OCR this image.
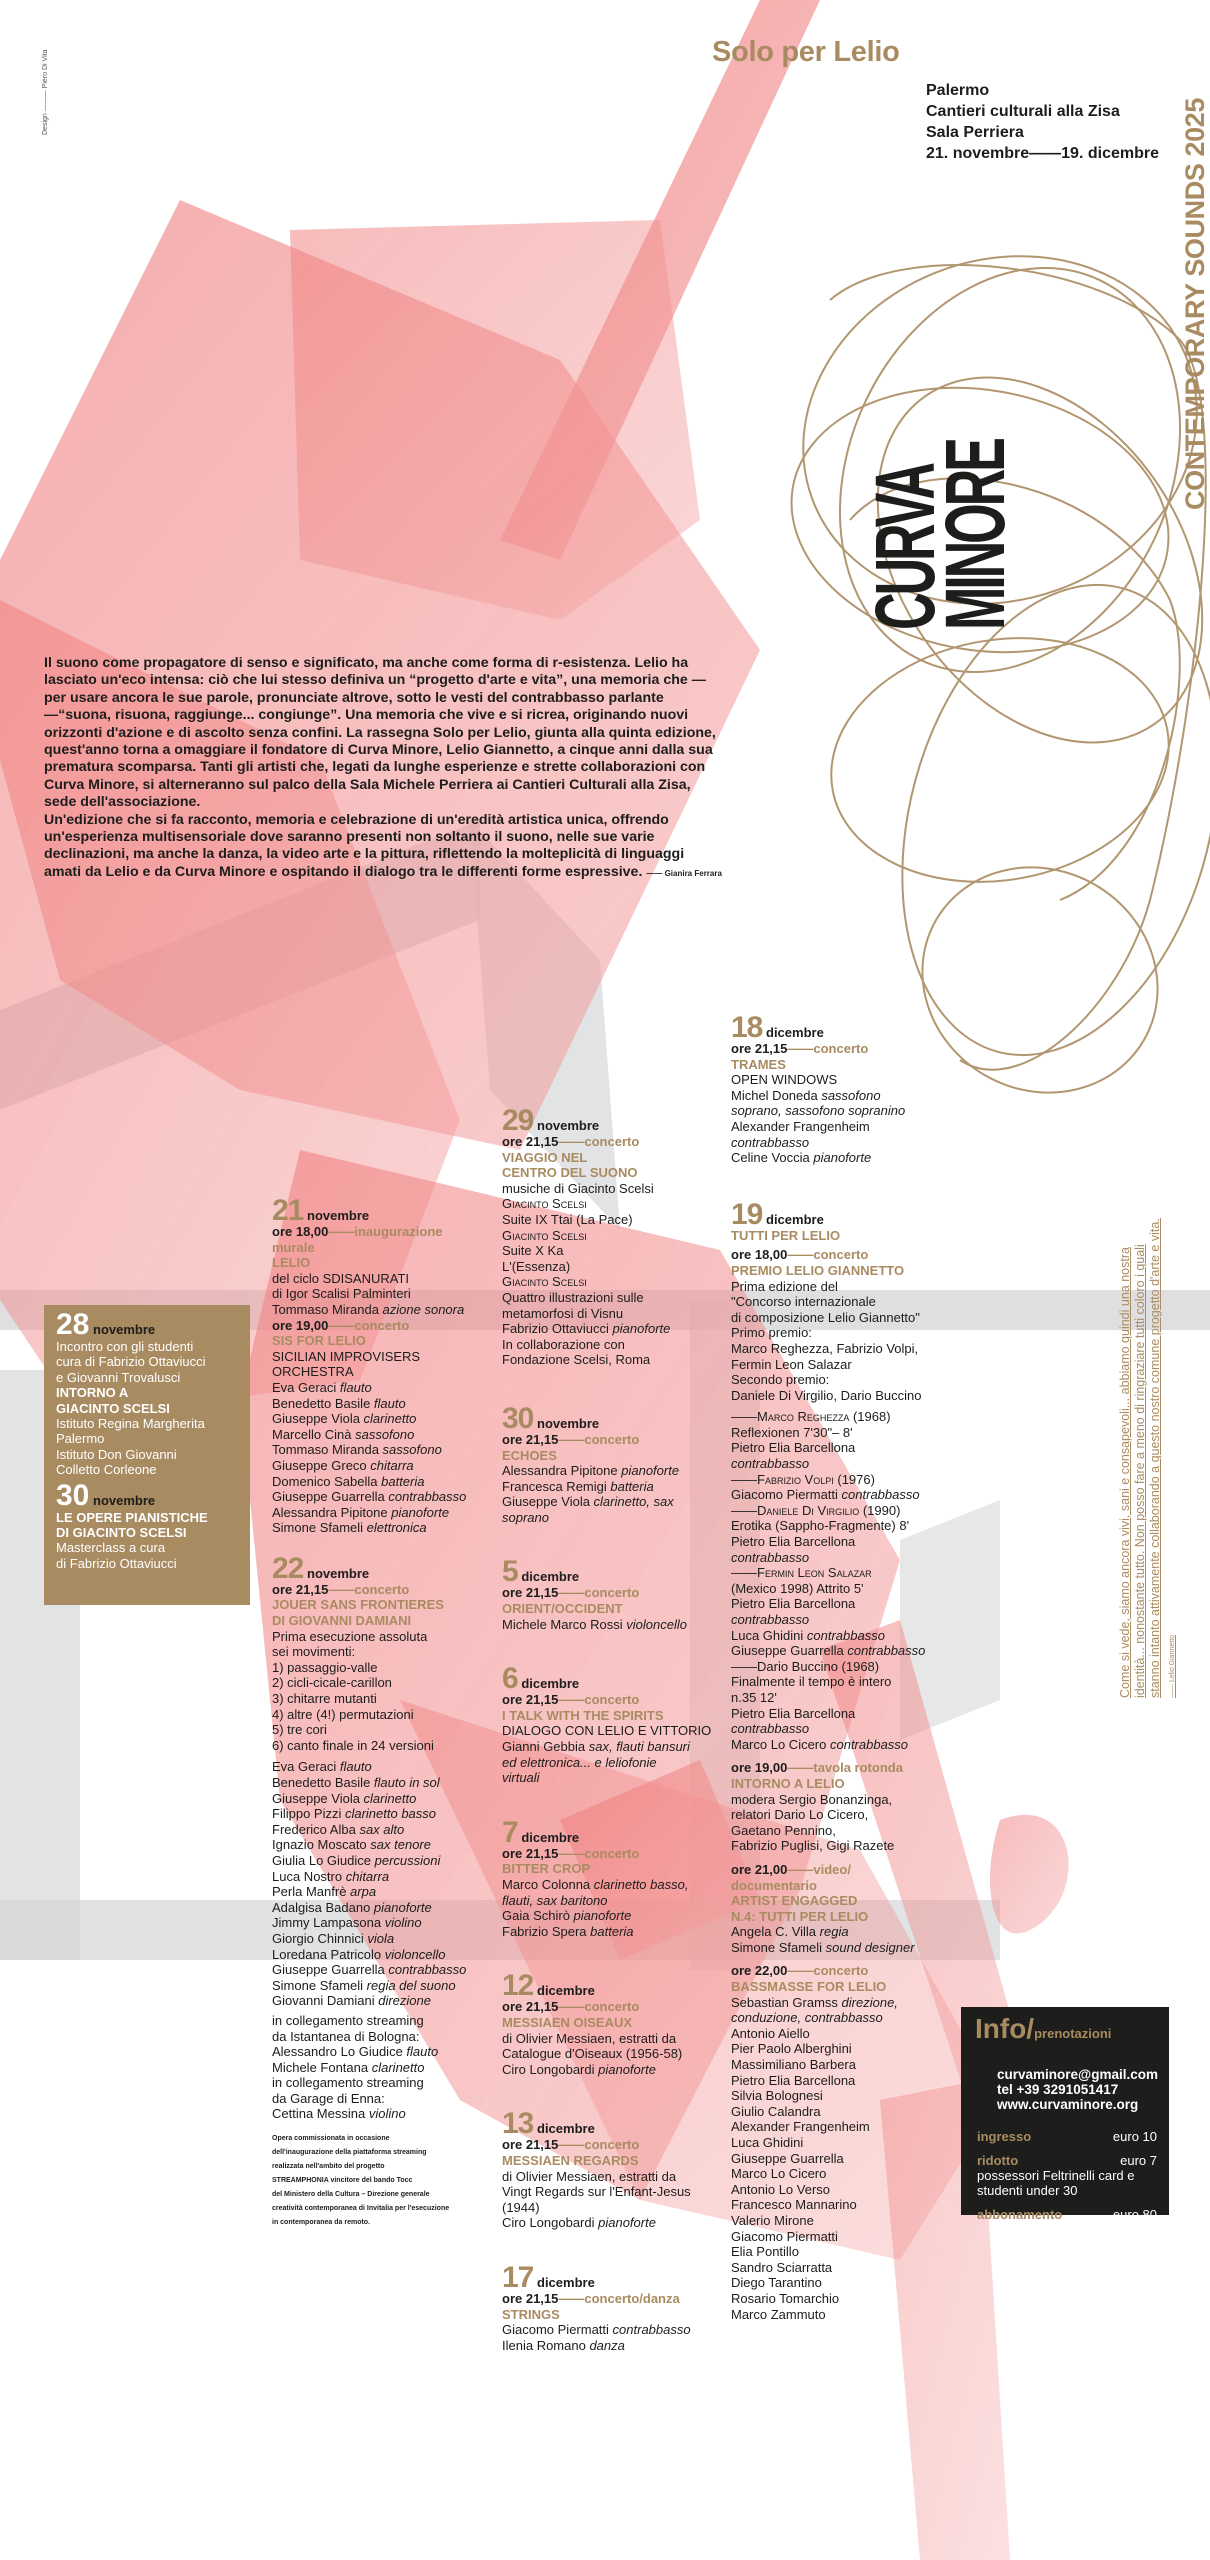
Design ——— Piero Di Vita	Solo per Lelio
Palermo
Cantieri culturali alla Zisa
Sala Perriera
21. novembre——19. dicembre
CURVA
MINORE
CONTEMPORARY SOUNDS 2025

Il suono come propagatore di senso e significato, ma anche come forma di r-esistenza. Lelio ha lasciato un'eco intensa: ciò che lui stesso definiva un “progetto d'arte e vita”, una memoria che — per usare ancora le sue parole, pronunciate altrove, sotto le vesti del contrabbasso parlante —“suona, risuona, raggiunge... congiunge”. Una memoria che vive e si ricrea, originando nuovi orizzonti d'azione e di ascolto senza confini. La rassegna Solo per Lelio, giunta alla quinta edizione, quest'anno torna a omaggiare il fondatore di Curva Minore, Lelio Giannetto, a cinque anni dalla sua prematura scomparsa. Tanti gli artisti che, legati da lunghe esperienze e strette collaborazioni con Curva Minore, si alterneranno sul palco della Sala Michele Perriera ai Cantieri Culturali alla Zisa, sede dell'associazione.

Un'edizione che si fa racconto, memoria e celebrazione di un'eredità artistica unica, offrendo un'esperienza multisensoriale dove saranno presenti non soltanto il suono, nelle sue varie declinazioni, ma anche la danza, la video arte e la pittura, riflettendo la molteplicità di linguaggi amati da Lelio e da Curva Minore e ospitando il dialogo tra le differenti forme espressive. —— Gianira Ferrara

28 novembre
Incontro con gli studenti
cura di Fabrizio Ottaviucci
e Giovanni Trovalusci
INTORNO A
GIACINTO SCELSI
Istituto Regina Margherita
Palermo
Istituto Don Giovanni
Colletto Corleone
30 novembre
LE OPERE PIANISTICHE
DI GIACINTO SCELSI
Masterclass a cura
di Fabrizio Ottaviucci
21 novembre

ore 18,00——inaugurazione

murale

LELIO

del ciclo SDISANURATI

di Igor Scalisi Palminteri

Tommaso Miranda azione sonora

ore 19,00——concerto

SIS FOR LELIO

SICILIAN IMPROVISERS

ORCHESTRA

Eva Geraci flauto

Benedetto Basile flauto

Giuseppe Viola clarinetto

Marcello Cinà sassofono

Tommaso Miranda sassofono

Giuseppe Greco chitarra

Domenico Sabella batteria

Giuseppe Guarrella contrabbasso

Alessandra Pipitone pianoforte

Simone Sfameli elettronica

22 novembre

ore 21,15——concerto

JOUER SANS FRONTIERES

DI GIOVANNI DAMIANI

Prima esecuzione assoluta

sei movimenti:

1) passaggio-valle

2) cicli-cicale-carillon

3) chitarre mutanti

4) altre (4!) permutazioni

5) tre cori

6) canto finale in 24 versioni

Eva Geraci flauto

Benedetto Basile flauto in sol

Giuseppe Viola clarinetto

Filippo Pizzi clarinetto basso

Frederico Alba sax alto

Ignazio Moscato sax tenore

Giulia Lo Giudice percussioni

Luca Nostro chitarra

Perla Manfrè arpa

Adalgisa Badano pianoforte

Jimmy Lampasona violino

Giorgio Chinnici viola

Loredana Patricolo violoncello

Giuseppe Guarrella contrabbasso

Simone Sfameli regia del suono

Giovanni Damiani direzione

in collegamento streaming

da Istantanea di Bologna:

Alessandro Lo Giudice flauto

Michele Fontana clarinetto

in collegamento streaming

da Garage di Enna:

Cettina Messina violino

Opera commissionata in occasione
dell'inaugurazione della piattaforma streaming
realizzata nell'ambito del progetto
STREAMPHONIA vincitore del bando Tocc
del Ministero della Cultura – Direzione generale
creatività contemporanea di Invitalia per l'esecuzione
in contemporanea da remoto.
29 novembre

ore 21,15——concerto

VIAGGIO NEL

CENTRO DEL SUONO

musiche di Giacinto Scelsi

Giacinto Scelsi

Suite IX Ttai (La Pace)

Giacinto Scelsi

Suite X Ka

L'(Essenza)

Giacinto Scelsi

Quattro illustrazioni sulle

metamorfosi di Visnu

Fabrizio Ottaviucci pianoforte

In collaborazione con

Fondazione Scelsi, Roma

30 novembre

ore 21,15——concerto

ECHOES

Alessandra Pipitone pianoforte

Francesca Remigi batteria

Giuseppe Viola clarinetto, sax

soprano

5 dicembre

ore 21,15——concerto

ORIENT/OCCIDENT

Michele Marco Rossi violoncello

6 dicembre

ore 21,15——concerto

I TALK WITH THE SPIRITS

DIALOGO CON LELIO E VITTORIO

Gianni Gebbia sax, flauti bansuri

ed elettronica... e leliofonie

virtuali

7 dicembre

ore 21,15——concerto

BITTER CROP

Marco Colonna clarinetto basso,

flauti, sax baritono

Gaia Schirò pianoforte

Fabrizio Spera batteria

12 dicembre

ore 21,15——concerto

MESSIAEN OISEAUX

di Olivier Messiaen, estratti da

Catalogue d'Oiseaux (1956-58)

Ciro Longobardi pianoforte

13 dicembre

ore 21,15——concerto

MESSIAEN REGARDS

di Olivier Messiaen, estratti da

Vingt Regards sur l'Enfant-Jesus

(1944)

Ciro Longobardi pianoforte

17 dicembre

ore 21,15——concerto/danza

STRINGS

Giacomo Piermatti contrabbasso

Ilenia Romano danza

18 dicembre

ore 21,15——concerto

TRAMES

OPEN WINDOWS

Michel Doneda sassofono

soprano, sassofono sopranino

Alexander Frangenheim

contrabbasso

Celine Voccia pianoforte

19 dicembre

TUTTI PER LELIO

ore 18,00——concerto

PREMIO LELIO GIANNETTO

Prima edizione del

"Concorso internazionale

di composizione Lelio Giannetto"

Primo premio:

Marco Reghezza, Fabrizio Volpi,

Fermin Leon Salazar

Secondo premio:

Daniele Di Virgilio, Dario Buccino

——Marco Reghezza (1968)

Reflexionen 7'30"– 8'

Pietro Elia Barcellona

contrabbasso

——Fabrizio Volpi (1976)

Giacomo Piermatti contrabbasso

——Daniele Di Virgilio (1990)

Erotika (Sappho-Fragmente) 8'

Pietro Elia Barcellona

contrabbasso

——Fermin Leon Salazar

(Mexico 1998) Attrito 5'

Pietro Elia Barcellona

contrabbasso

Luca Ghidini contrabbasso

Giuseppe Guarrella contrabbasso

——Dario Buccino (1968)

Finalmente il tempo è intero

n.35 12'

Pietro Elia Barcellona

contrabbasso

Marco Lo Cicero contrabbasso

ore 19,00——tavola rotonda

INTORNO A LELIO

modera Sergio Bonanzinga,

relatori Dario Lo Cicero,

Gaetano Pennino,

Fabrizio Puglisi, Gigi Razete

ore 21,00——video/

documentario

ARTIST ENGAGGED

N.4: TUTTI PER LELIO

Angela C. Villa regia

Simone Sfameli sound designer

ore 22,00——concerto

BASSMASSE FOR LELIO

Sebastian Gramss direzione,

conduzione, contrabbasso

Antonio Aiello

Pier Paolo Alberghini

Massimiliano Barbera

Pietro Elia Barcellona

Silvia Bolognesi

Giulio Calandra

Alexander Frangenheim

Luca Ghidini

Giuseppe Guarrella

Marco Lo Cicero

Antonio Lo Verso

Francesco Mannarino

Valerio Mirone

Giacomo Piermatti

Elia Pontillo

Sandro Sciarratta

Diego Tarantino

Rosario Tomarchio

Marco Zammuto

Come si vede, siamo ancora vivi, sani e consapevoli... abbiamo quindi una nostra identità... nonostante tutto. Non posso fare a meno di ringraziare tutti coloro i quali stanno intanto attivamente collaborando a questo nostro comune progetto d'arte e vita. —— Lelio Giannetto
Info/prenotazioni
curvaminore@gmail.com
tel +39 3291051417
www.curvaminore.org
ingresso	euro 10
ridotto	euro 7
possessori Feltrinelli card e studenti under 30
abbonamento	euro 80
